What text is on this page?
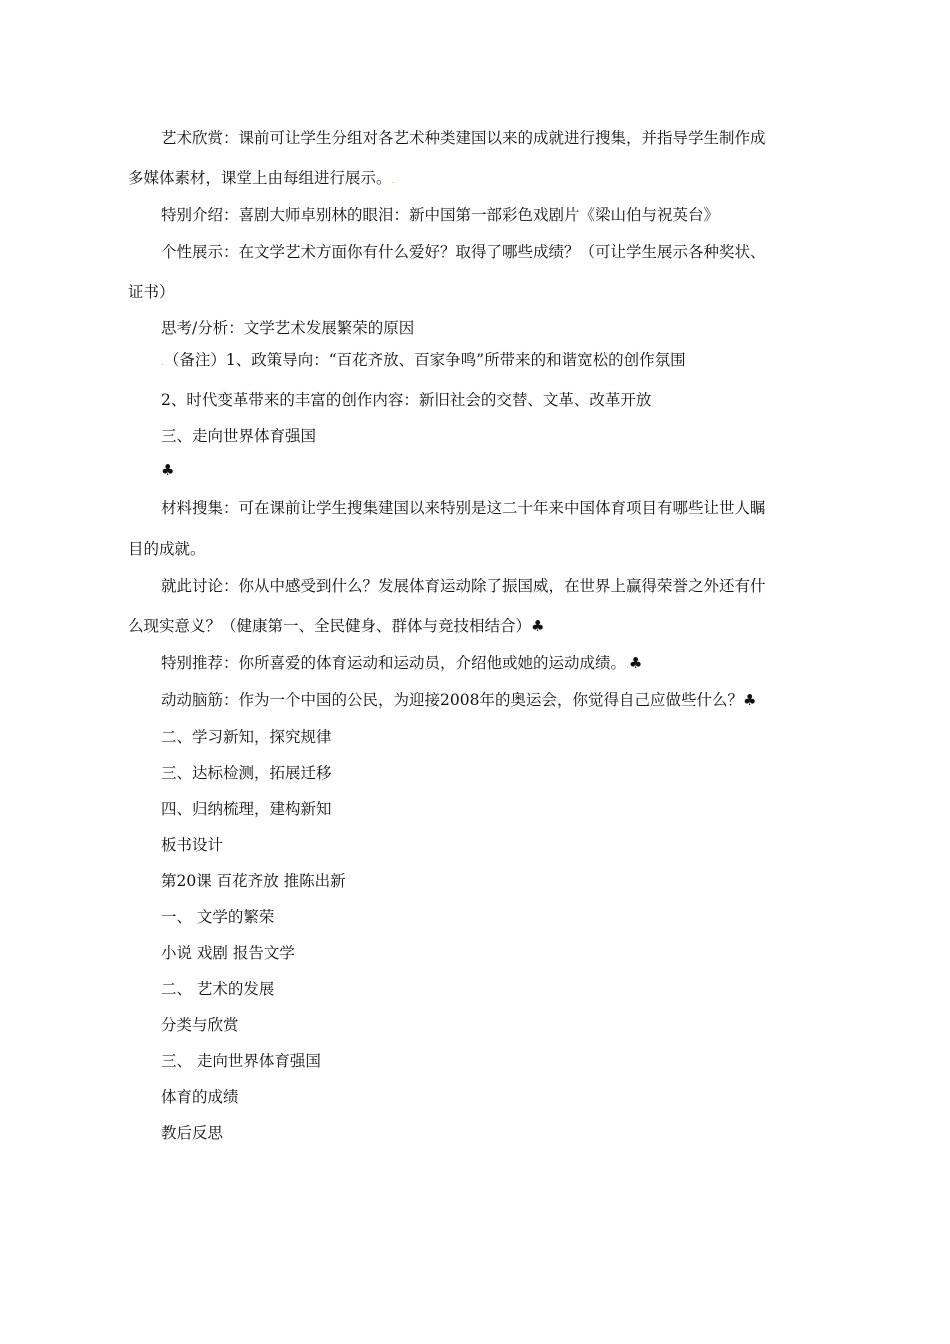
艺术欣赏：课前可让学生分组对各艺术种类建国以来的成就进行搜集，并指导学生制作成
多媒体素材，课堂上由每组进行展示。.
特别介绍：喜剧大师卓别林的眼泪：新中国第一部彩色戏剧片《梁山伯与祝英台》
个性展示：在文学艺术方面你有什么爱好？取得了哪些成绩？（可让学生展示各种奖状、
证书）
思考/分析：文学艺术发展繁荣的原因
.（备注）1、政策导向：“百花齐放、百家争鸣”所带来的和谐宽松的创作氛围
2、时代变革带来的丰富的创作内容：新旧社会的交替、文革、改革开放
三、走向世界体育强国
♣
材料搜集：可在课前让学生搜集建国以来特别是这二十年来中国体育项目有哪些让世人瞩
目的成就。
就此讨论：你从中感受到什么？发展体育运动除了振国威，在世界上赢得荣誉之外还有什
么现实意义？（健康第一、全民健身、群体与竞技相结合）♣
特别推荐：你所喜爱的体育运动和运动员，介绍他或她的运动成绩。.♣
动动脑筋：作为一个中国的公民，为迎接2008年的奥运会，你觉得自己应做些什么？♣
二、学习新知，探究规律
三、达标检测，拓展迁移
四、归纳梳理，建构新知
板书设计
第20课 百花齐放 推陈出新
一、 文学的繁荣
小说 戏剧 报告文学
二、 艺术的发展
分类与欣赏
三、 走向世界体育强国
体育的成绩
教后反思
